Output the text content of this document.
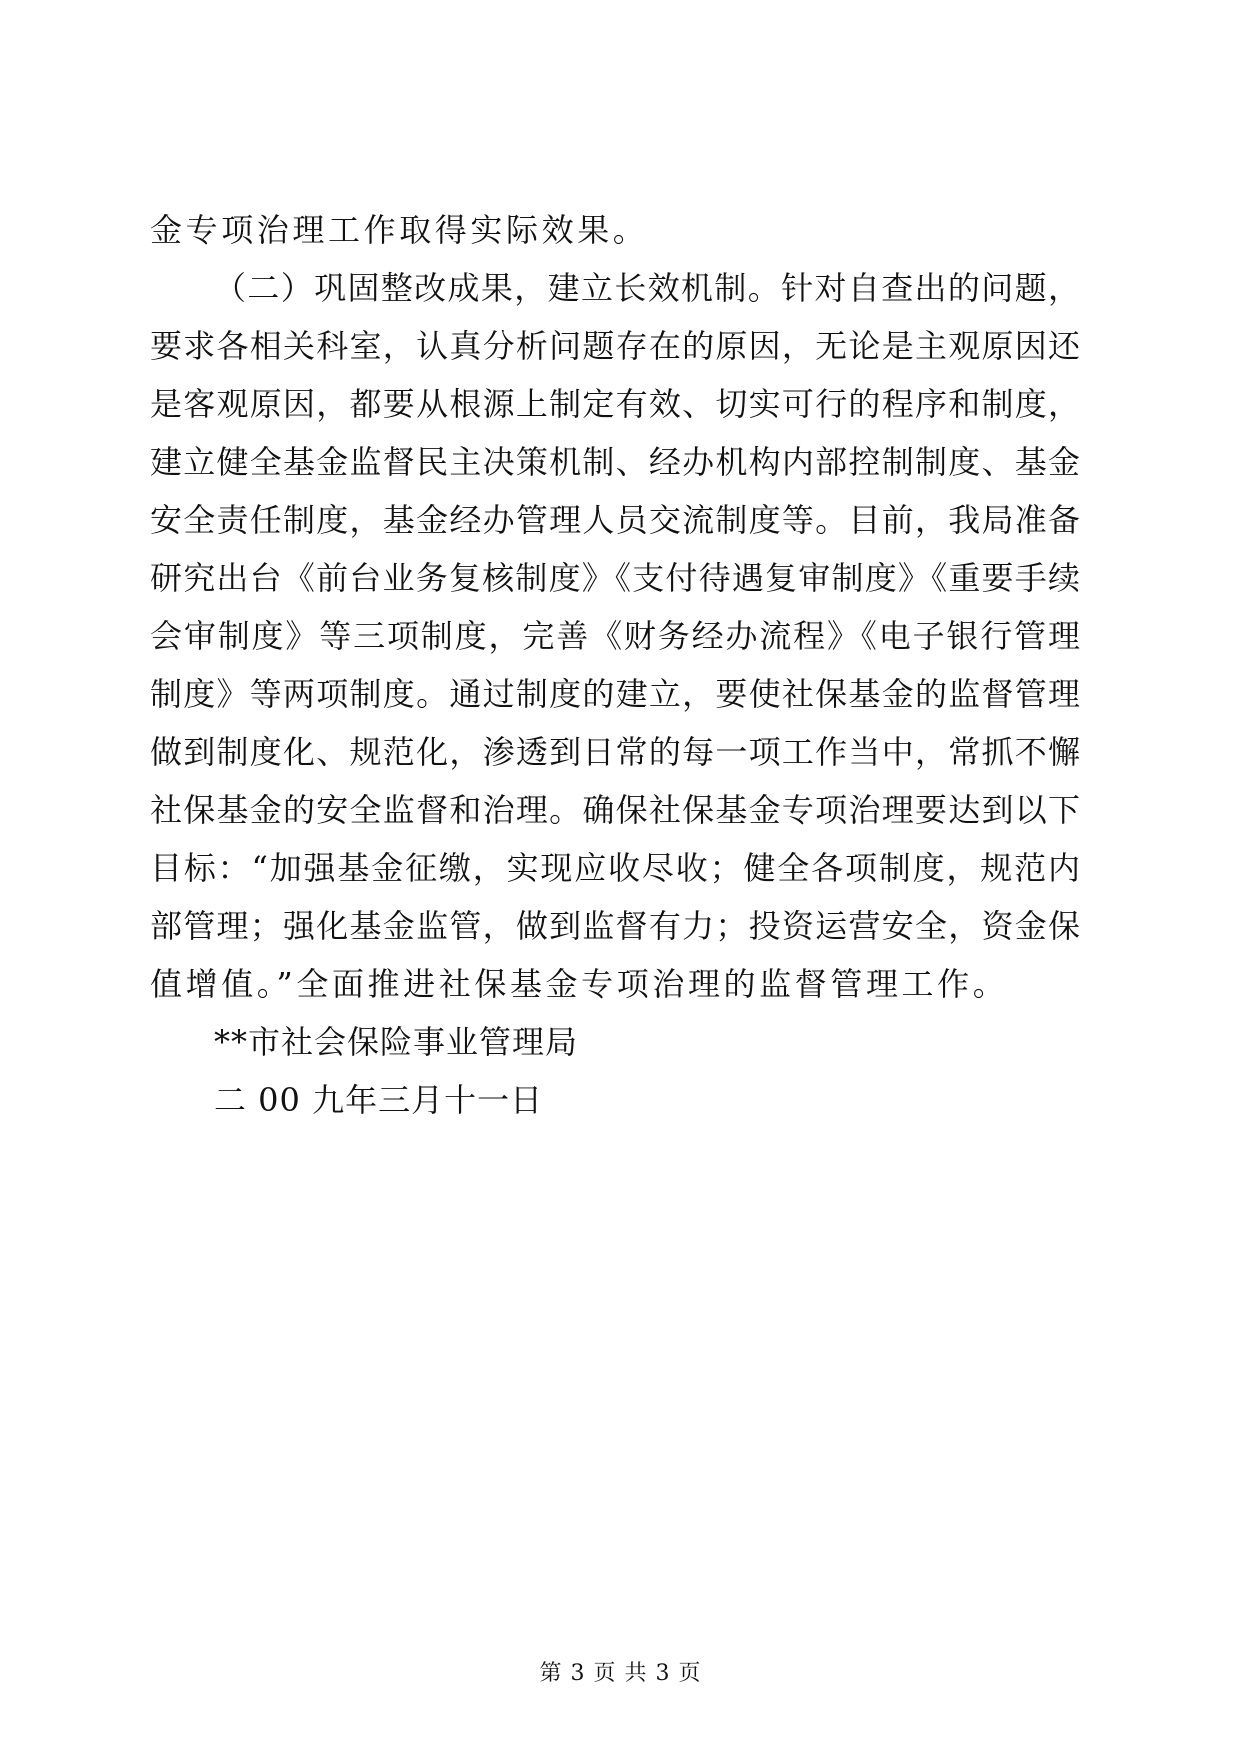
金专项治理工作取得实际效果。
（二）巩固整改成果，建立长效机制。针对自查出的问题，
要求各相关科室，认真分析问题存在的原因，无论是主观原因还
是客观原因，都要从根源上制定有效、切实可行的程序和制度，
建立健全基金监督民主决策机制、经办机构内部控制制度、基金
安全责任制度，基金经办管理人员交流制度等。目前，我局准备
研究出台《前台业务复核制度》《支付待遇复审制度》《重要手续
会审制度》等三项制度，完善《财务经办流程》《电子银行管理
制度》等两项制度。通过制度的建立，要使社保基金的监督管理
做到制度化、规范化，渗透到日常的每一项工作当中，常抓不懈
社保基金的安全监督和治理。确保社保基金专项治理要达到以下
目标：“加强基金征缴，实现应收尽收；健全各项制度，规范内
部管理；强化基金监管，做到监督有力；投资运营安全，资金保
值增值。”全面推进社保基金专项治理的监督管理工作。
**市社会保险事业管理局
二 00 九年三月十一日
第 3 页 共 3 页
